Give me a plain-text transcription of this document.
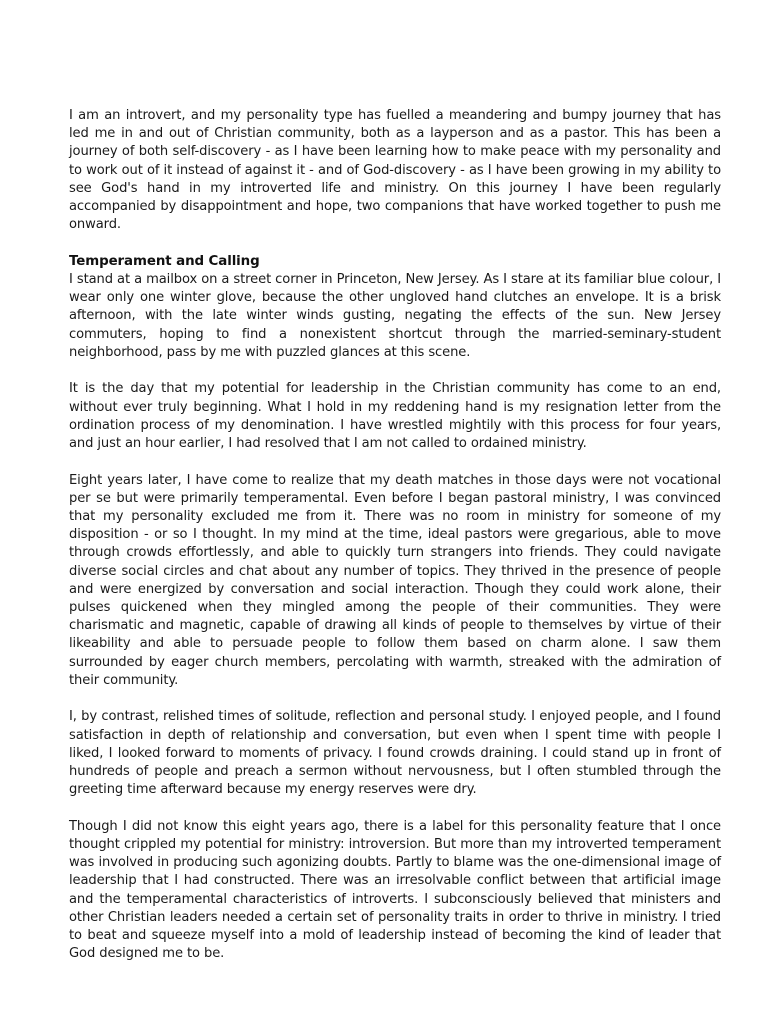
I am an introvert, and my personality type has fuelled a meandering and bumpy journey that has led me in and out of Christian community, both as a layperson and as a pastor. This has been a journey of both self-discovery - as I have been learning how to make peace with my personality and to work out of it instead of against it - and of God-discovery - as I have been growing in my ability to see God's hand in my introverted life and ministry. On this journey I have been regularly accompanied by disappointment and hope, two companions that have worked together to push me onward.

Temperament and Calling

I stand at a mailbox on a street corner in Princeton, New Jersey. As I stare at its familiar blue colour, I wear only one winter glove, because the other ungloved hand clutches an envelope. It is a brisk afternoon, with the late winter winds gusting, negating the effects of the sun. New Jersey commuters, hoping to find a nonexistent shortcut through the married-seminary-student neighborhood, pass by me with puzzled glances at this scene.

It is the day that my potential for leadership in the Christian community has come to an end, without ever truly beginning. What I hold in my reddening hand is my resignation letter from the ordination process of my denomination. I have wrestled mightily with this process for four years, and just an hour earlier, I had resolved that I am not called to ordained ministry.

Eight years later, I have come to realize that my death matches in those days were not vocational per se but were primarily temperamental. Even before I began pastoral ministry, I was convinced that my personality excluded me from it. There was no room in ministry for someone of my disposition - or so I thought. In my mind at the time, ideal pastors were gregarious, able to move through crowds effortlessly, and able to quickly turn strangers into friends. They could navigate diverse social circles and chat about any number of topics. They thrived in the presence of people and were energized by conversation and social interaction. Though they could work alone, their pulses quickened when they mingled among the people of their communities. They were charismatic and magnetic, capable of drawing all kinds of people to themselves by virtue of their likeability and able to persuade people to follow them based on charm alone. I saw them surrounded by eager church members, percolating with warmth, streaked with the admiration of their community.

I, by contrast, relished times of solitude, reflection and personal study. I enjoyed people, and I found satisfaction in depth of relationship and conversation, but even when I spent time with people I liked, I looked forward to moments of privacy. I found crowds draining. I could stand up in front of hundreds of people and preach a sermon without nervousness, but I often stumbled through the greeting time afterward because my energy reserves were dry.

Though I did not know this eight years ago, there is a label for this personality feature that I once thought crippled my potential for ministry: introversion. But more than my introverted temperament was involved in producing such agonizing doubts. Partly to blame was the one-dimensional image of leadership that I had constructed. There was an irresolvable conflict between that artificial image and the temperamental characteristics of introverts. I subconsciously believed that ministers and other Christian leaders needed a certain set of personality traits in order to thrive in ministry. I tried to beat and squeeze myself into a mold of leadership instead of becoming the kind of leader that God designed me to be.
